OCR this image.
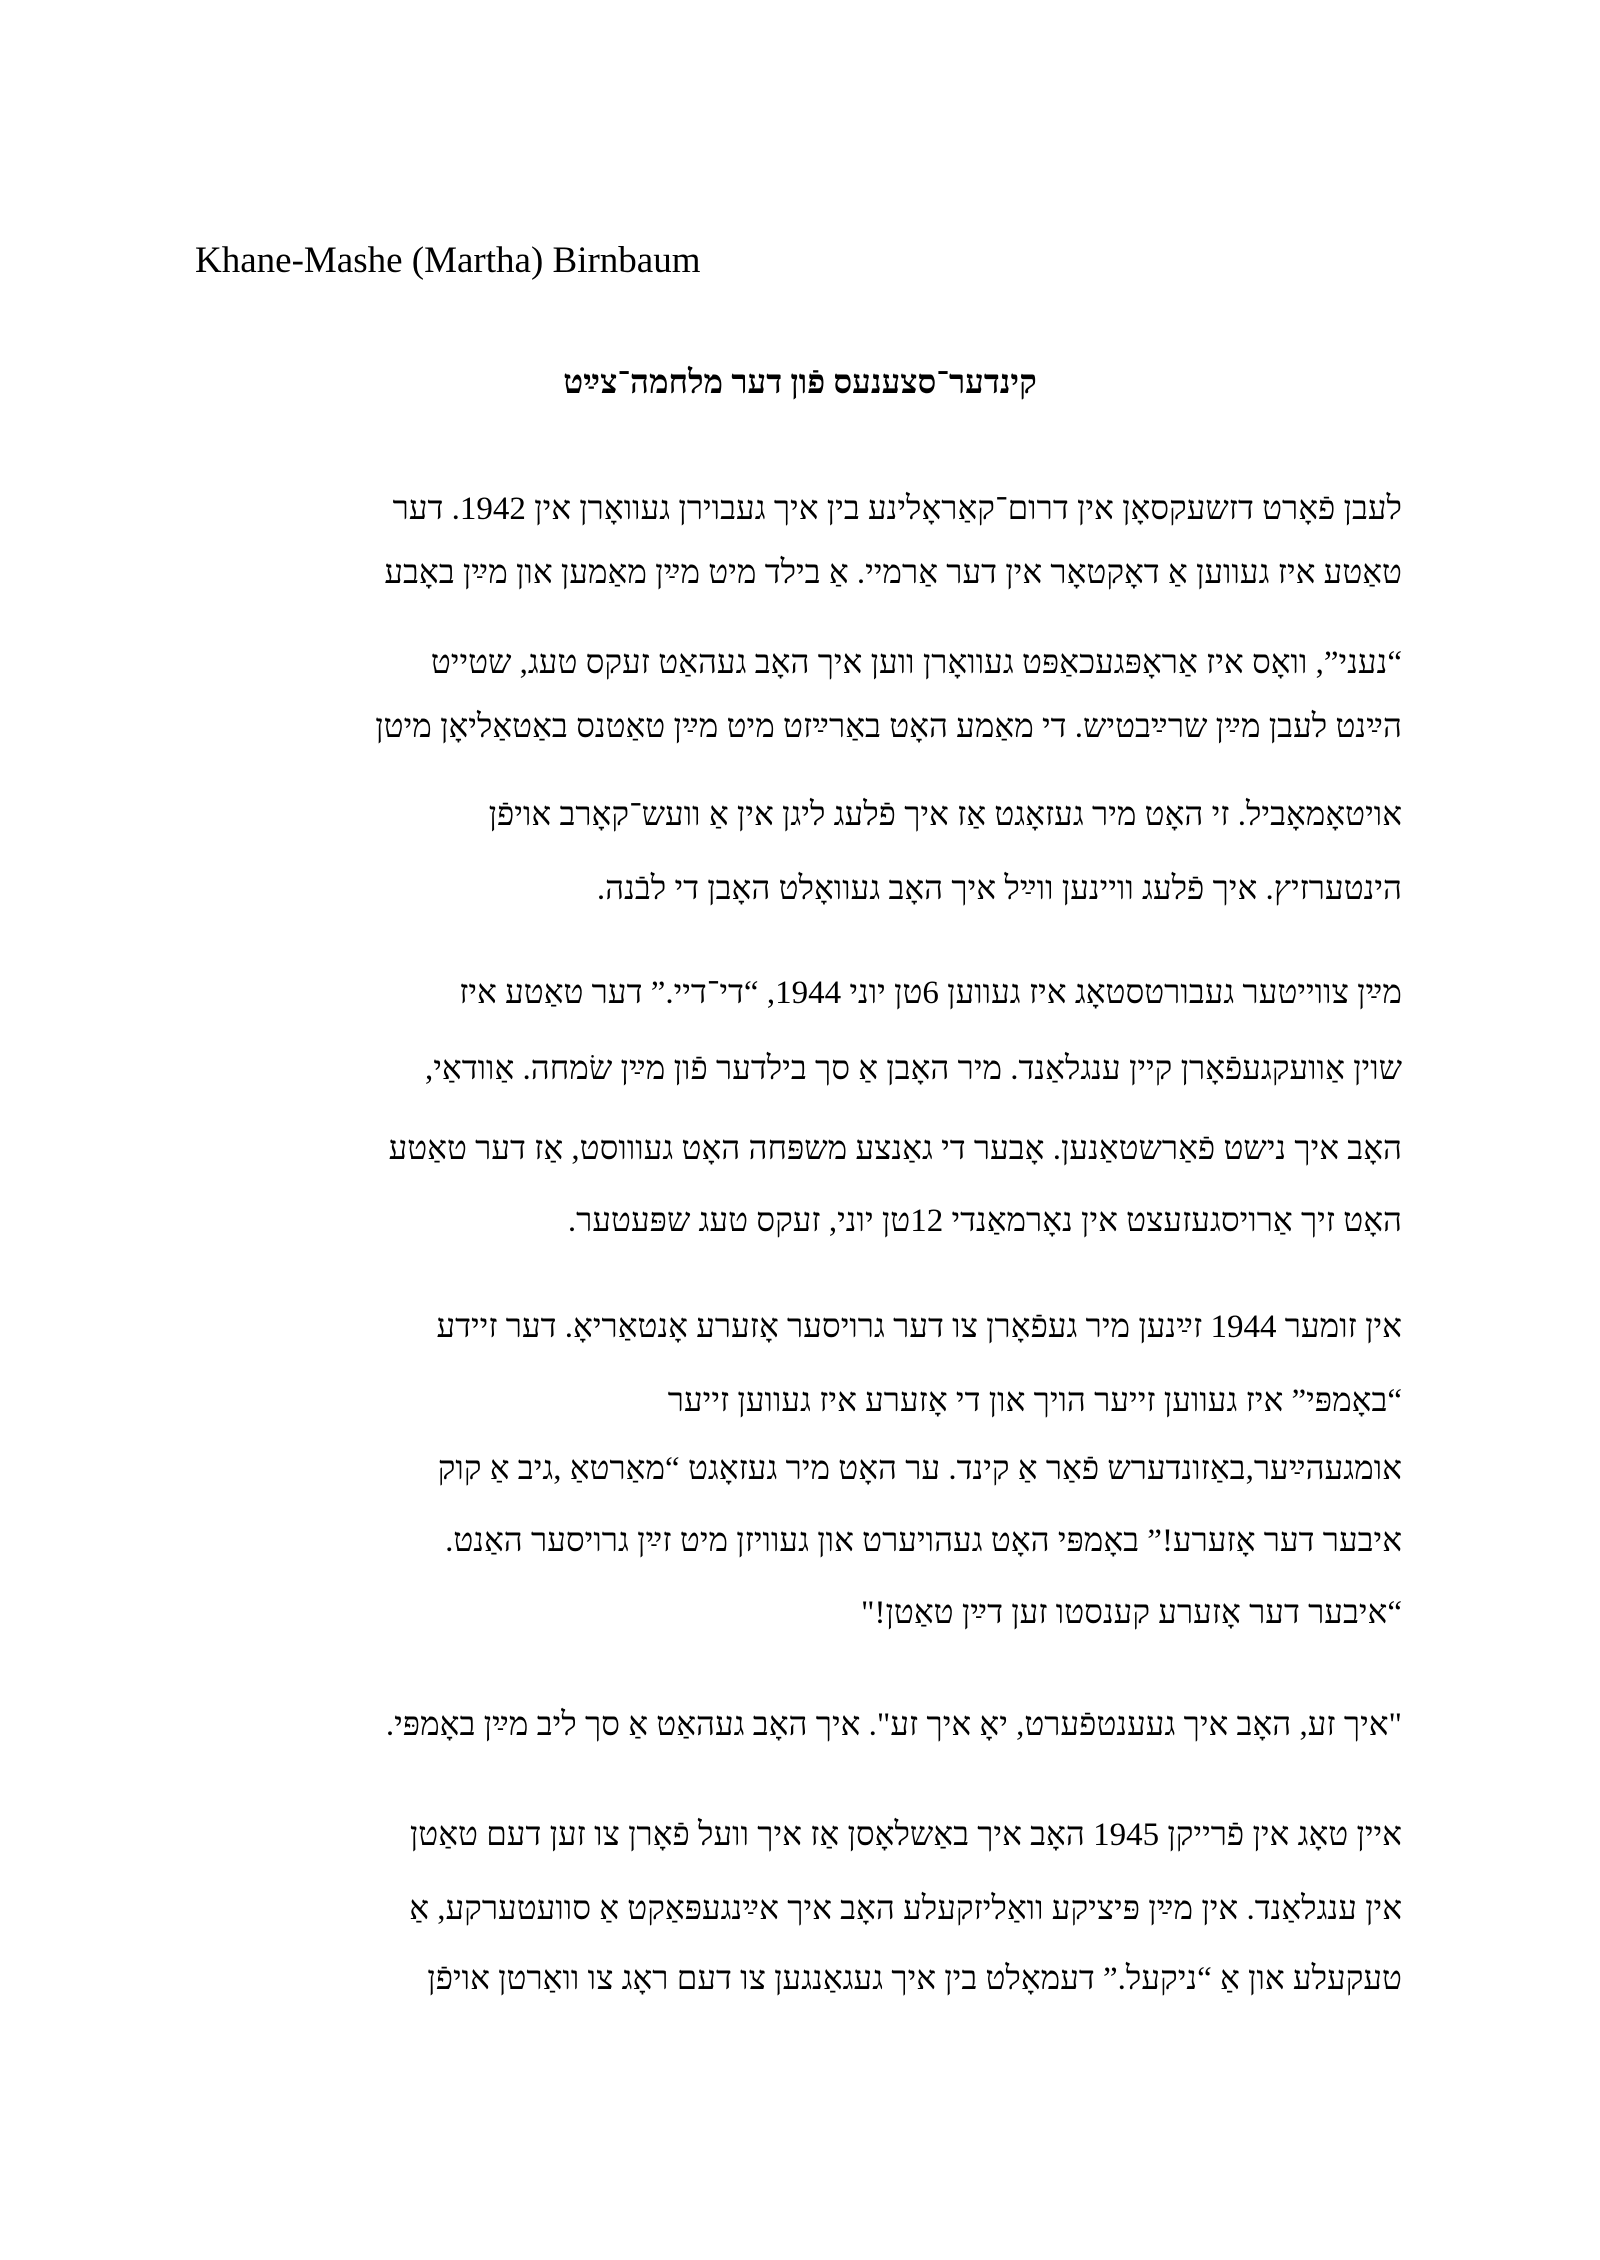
Khane-Mashe (Martha) Birnbaum
קינדער־סצענעס פֿון דער מלחמה־צײַט
לעבן פֿאָרט דזשעקסאָן אין דרום־קאַראָלינע בין איך געבוירן געוואָרן אין 1942. דער
טאַטע איז געווען אַ דאָקטאָר אין דער אַרמיי. אַ בילד מיט מײַן מאַמען און מײַן באָבע
“נעני”, וואָס איז אַראָפּגעכאַפּט געוואָרן ווען איך האָב געהאַט זעקס טעג, שטייט
הײַנט לעבן מײַן שרײַבטיש. די מאַמע האָט באַרײַזט מיט מײַן טאַטנס באַטאַליאָן מיטן
אויטאָמאָביל. זי האָט מיר געזאָגט אַז איך פֿלעג ליגן אין אַ וועש־קאָרב אויפֿן
הינטערזיץ. איך פֿלעג וויינען ווײַל איך האָב געוואָלט האָבן די לבֿנה.
מײַן צווייטער געבורטסטאָג איז געווען 6טן יוני 1944, “די־דיי.” דער טאַטע איז
שוין אַוועקגעפֿאָרן קיין ענגלאַנד. מיר האָבן אַ סך בילדער פֿון מײַן שׂמחה. אַוודאַי,
האָב איך נישט פֿאַרשטאַנען. אָבער די גאַנצע משפּחה האָט געוווסט, אַז דער טאַטע
האָט זיך אַרויסגעזעצט אין נאָרמאַנדי 12טן יוני, זעקס טעג שפּעטער.
אין זומער 1944 זײַנען מיר געפֿאָרן צו דער גרויסער אָזערע אָנטאַריאָ. דער זיידע
“באָמפּי” איז געווען זייער הויך און די אָזערע איז געווען זייער
אומגעהײַער,באַזונדערש פֿאַר אַ קינד. ער האָט מיר געזאָגט “מאַרטאַ ,גיב אַ קוק
איבער דער אָזערע!” באָמפּי האָט געהויערט און געוויזן מיט זײַן גרויסער האַנט.
“איבער דער אָזערע קענסטו זען דײַן טאַטן!"
"איך זע, האָב איך געענטפֿערט, יאָ איך זע". איך האָב געהאַט אַ סך ליב מײַן באָמפּי.
איין טאָג אין פֿרייקן 1945 האָב איך באַשלאָסן אַז איך וועל פֿאָרן צו זען דעם טאַטן
אין ענגלאַנד. אין מײַן פּיציקע וואַליזקעלע האָב איך אײַנגעפּאַקט אַ סוועטערקע, אַ
טעקעלע און אַ “ניקעל.” דעמאָלט בין איך געגאַנגען צו דעם ראָג צו וואַרטן אויפֿן
